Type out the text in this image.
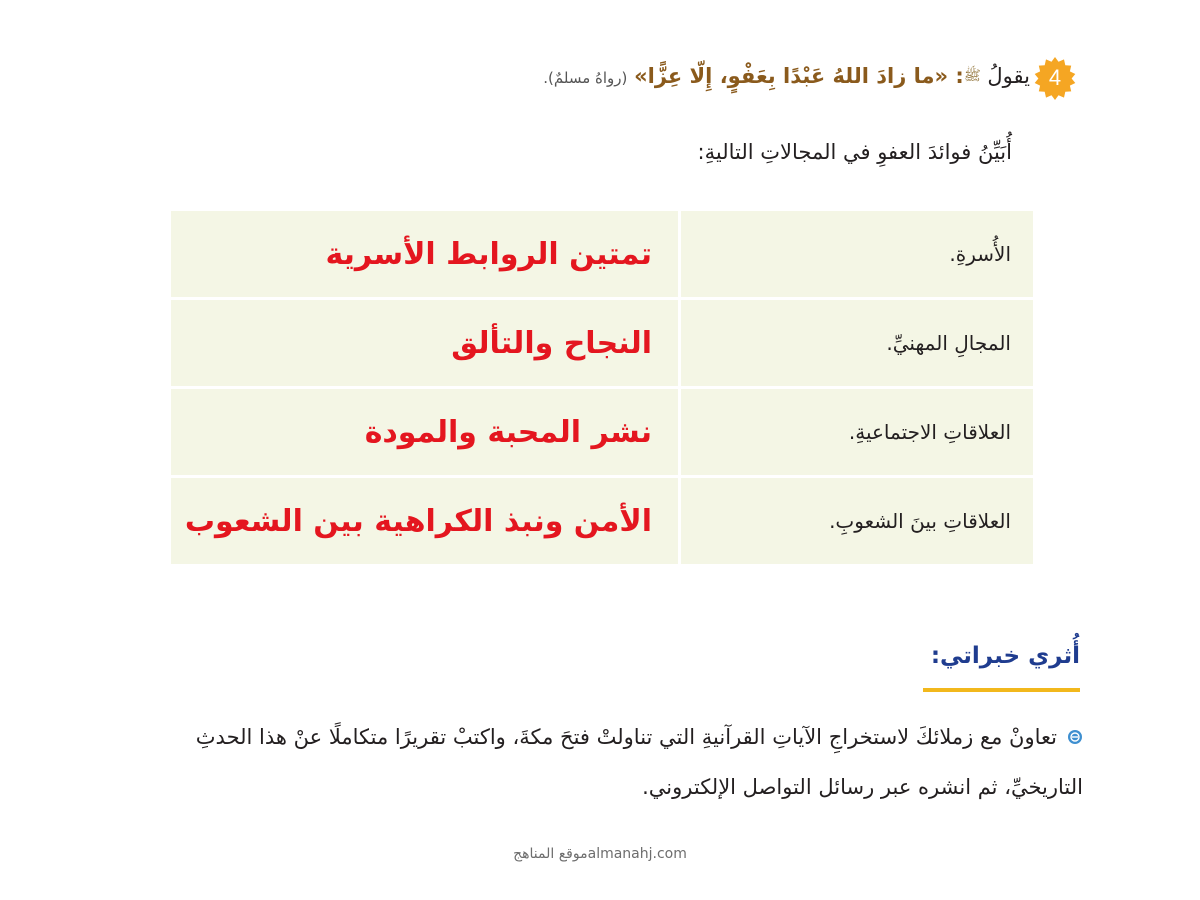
4
يقولُ $^ﷺ$: «ما زادَ اللهُ عَبْدًا بِعَفْوٍ، إِلّا عِزًّا» (رواهُ مسلمٌ).
أُبَيِّنُ فوائدَ العفوِ في المجالاتِ التاليةِ:
الأُسرةِ.	تمتين الروابط الأسرية
المجالِ المهنيِّ.	النجاح والتألق
العلاقاتِ الاجتماعيةِ.	نشر المحبة والمودة
العلاقاتِ بينَ الشعوبِ.	الأمن ونبذ الكراهية بين الشعوب
أُثري خبراتي:
تعاونْ مع زملائكَ لاستخراجِ الآياتِ القرآنيةِ التي تناولتْ فتحَ مكةَ، واكتبْ تقريرًا متكاملًا عنْ هذا الحدثِ التاريخيِّ، ثم انشره عبر رسائل التواصل الإلكتروني.
موقع المناهجalmanahj.com
